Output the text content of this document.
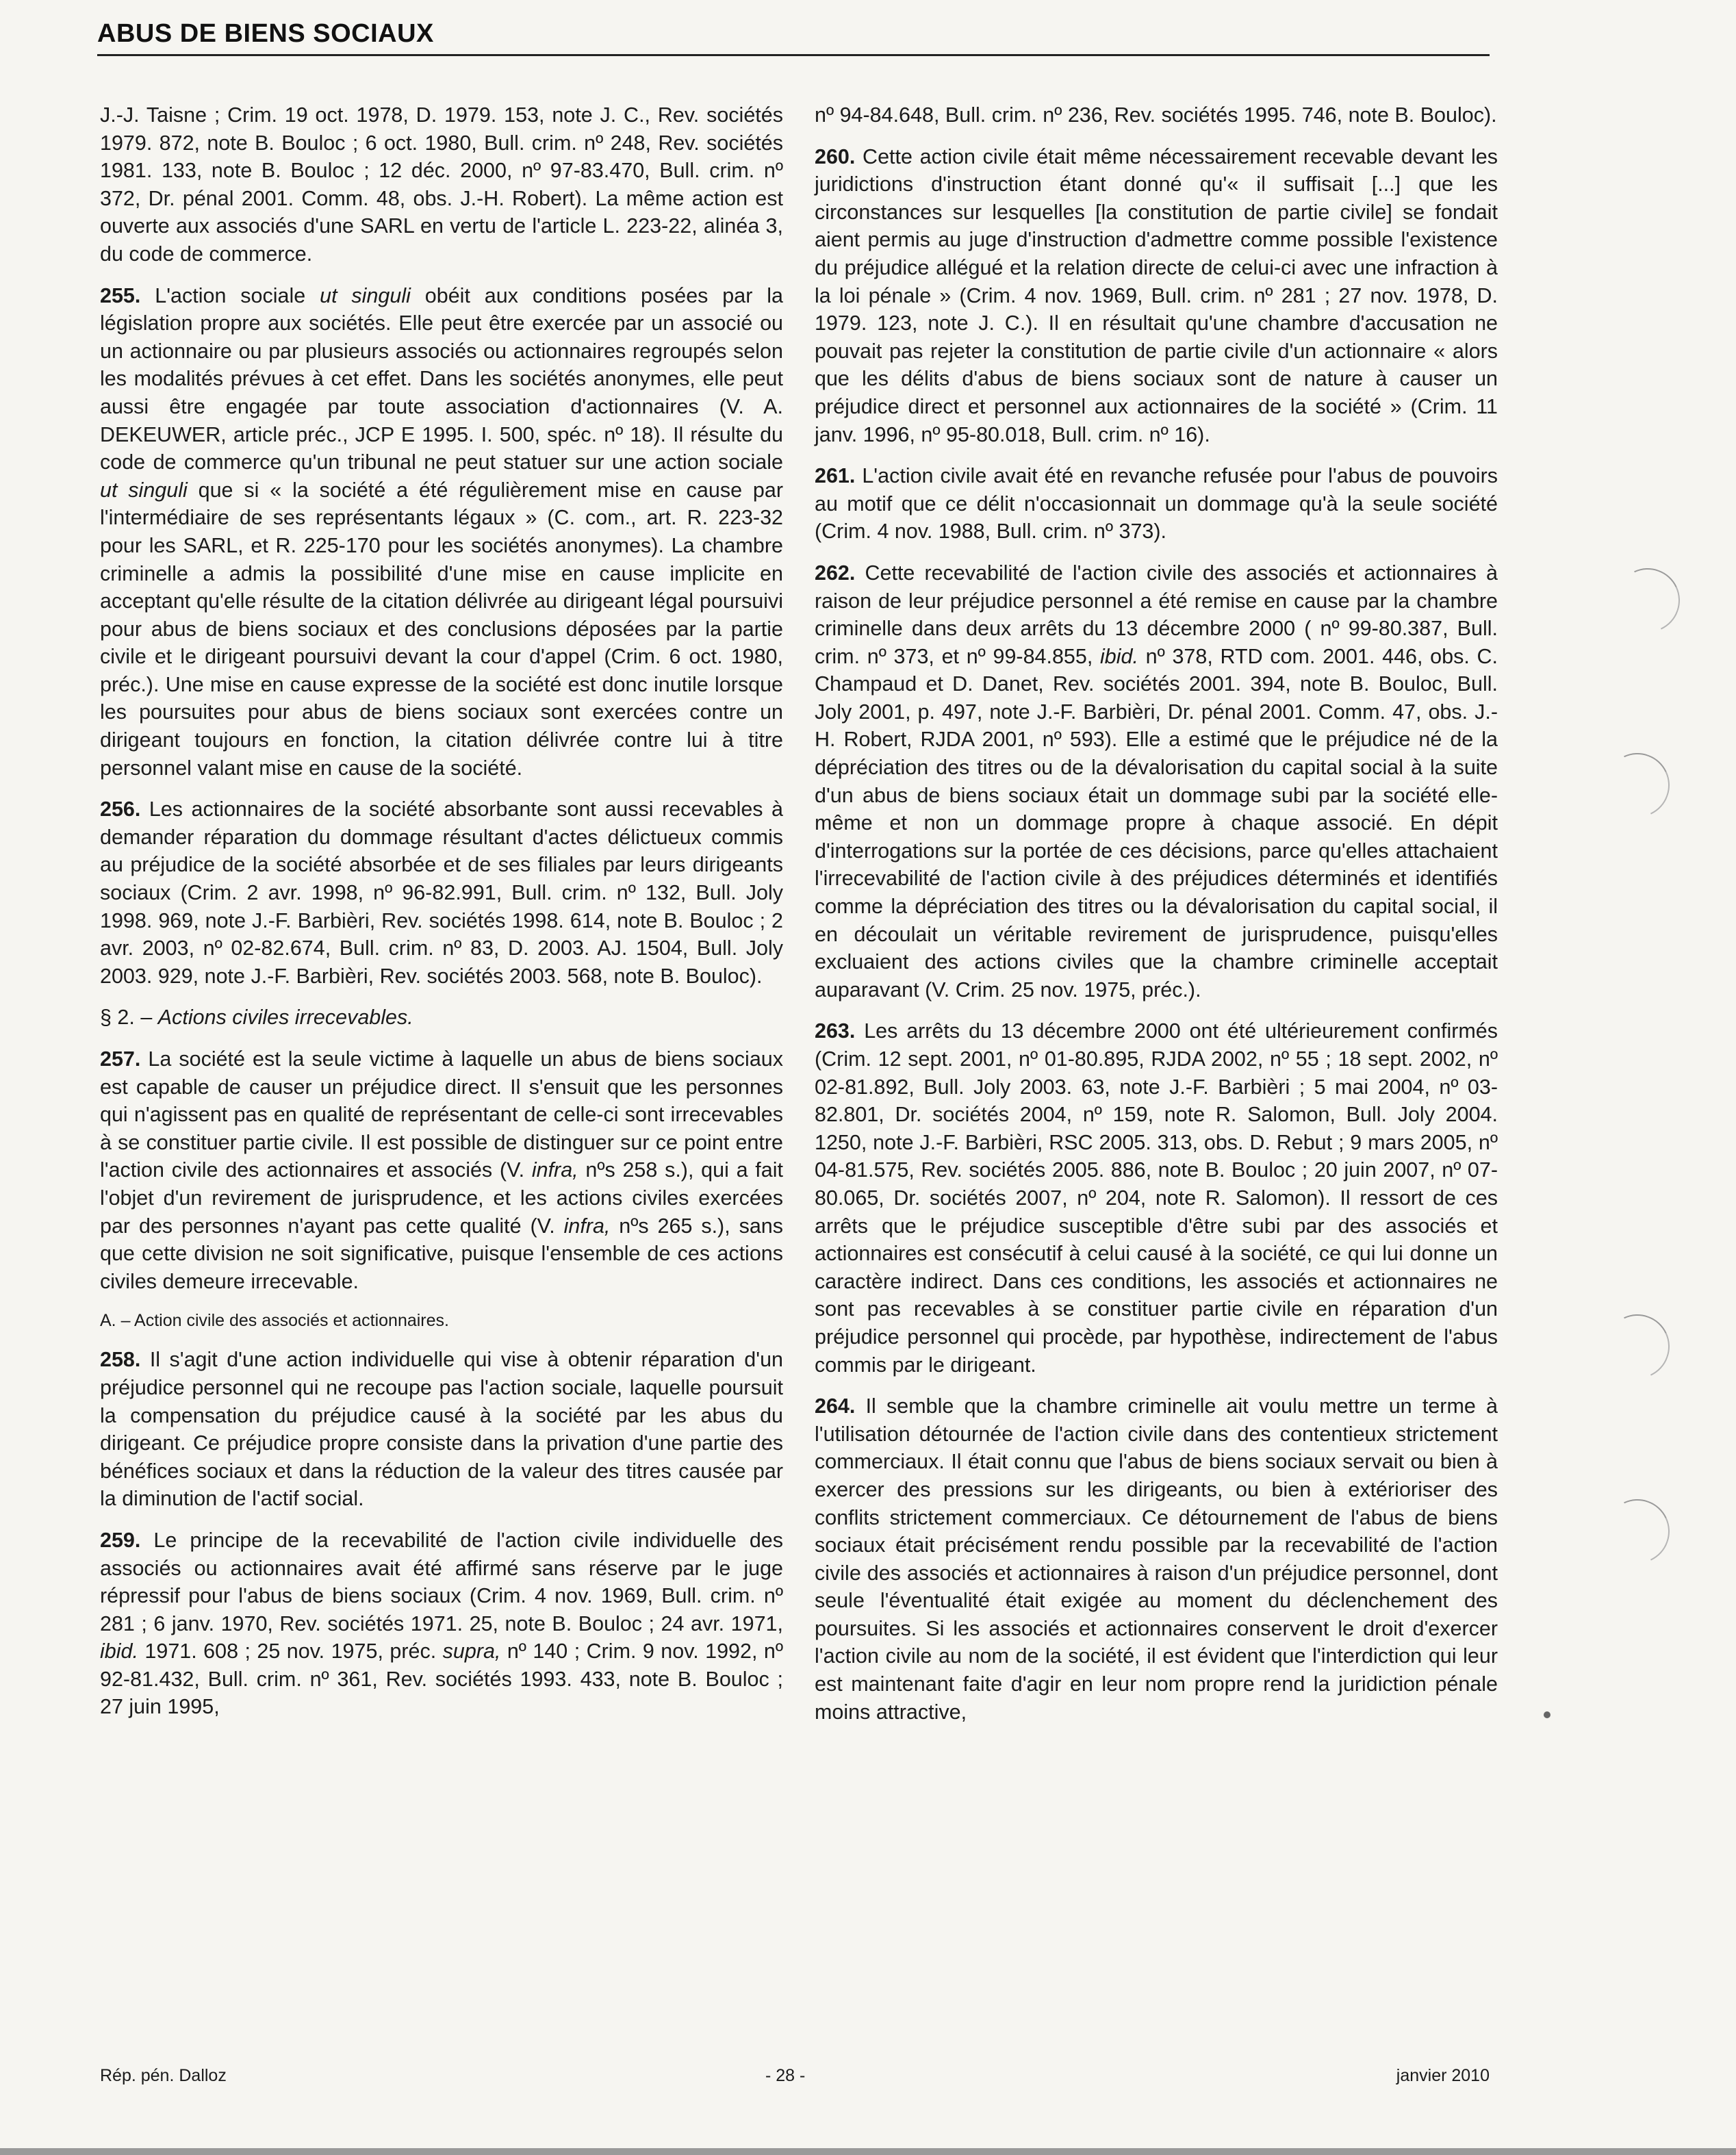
ABUS DE BIENS SOCIAUX

J.-J. Taisne ; Crim. 19 oct. 1978, D. 1979. 153, note J. C., Rev. sociétés 1979. 872, note B. Bouloc ; 6 oct. 1980, Bull. crim. nº 248, Rev. sociétés 1981. 133, note B. Bouloc ; 12 déc. 2000, nº 97-83.470, Bull. crim. nº 372, Dr. pénal 2001. Comm. 48, obs. J.-H. Robert). La même action est ouverte aux associés d'une SARL en vertu de l'article L. 223-22, alinéa 3, du code de commerce.

255. L'action sociale ut singuli obéit aux conditions posées par la législation propre aux sociétés. Elle peut être exercée par un associé ou un actionnaire ou par plusieurs associés ou actionnaires regroupés selon les modalités prévues à cet effet. Dans les sociétés anonymes, elle peut aussi être engagée par toute association d'actionnaires (V. A. DEKEUWER, article préc., JCP E 1995. I. 500, spéc. nº 18). Il résulte du code de commerce qu'un tribunal ne peut statuer sur une action sociale ut singuli que si « la société a été régulièrement mise en cause par l'intermédiaire de ses représentants légaux » (C. com., art. R. 223-32 pour les SARL, et R. 225-170 pour les sociétés anonymes). La chambre criminelle a admis la possibilité d'une mise en cause implicite en acceptant qu'elle résulte de la citation délivrée au dirigeant légal poursuivi pour abus de biens sociaux et des conclusions déposées par la partie civile et le dirigeant poursuivi devant la cour d'appel (Crim. 6 oct. 1980, préc.). Une mise en cause expresse de la société est donc inutile lorsque les poursuites pour abus de biens sociaux sont exercées contre un dirigeant toujours en fonction, la citation délivrée contre lui à titre personnel valant mise en cause de la société.

256. Les actionnaires de la société absorbante sont aussi recevables à demander réparation du dommage résultant d'actes délictueux commis au préjudice de la société absorbée et de ses filiales par leurs dirigeants sociaux (Crim. 2 avr. 1998, nº 96-82.991, Bull. crim. nº 132, Bull. Joly 1998. 969, note J.-F. Barbièri, Rev. sociétés 1998. 614, note B. Bouloc ; 2 avr. 2003, nº 02-82.674, Bull. crim. nº 83, D. 2003. AJ. 1504, Bull. Joly 2003. 929, note J.-F. Barbièri, Rev. sociétés 2003. 568, note B. Bouloc).

§ 2. – Actions civiles irrecevables.

257. La société est la seule victime à laquelle un abus de biens sociaux est capable de causer un préjudice direct. Il s'ensuit que les personnes qui n'agissent pas en qualité de représentant de celle-ci sont irrecevables à se constituer partie civile. Il est possible de distinguer sur ce point entre l'action civile des actionnaires et associés (V. infra, nºs 258 s.), qui a fait l'objet d'un revirement de jurisprudence, et les actions civiles exercées par des personnes n'ayant pas cette qualité (V. infra, nºs 265 s.), sans que cette division ne soit significative, puisque l'ensemble de ces actions civiles demeure irrecevable.

A. – Action civile des associés et actionnaires.

258. Il s'agit d'une action individuelle qui vise à obtenir réparation d'un préjudice personnel qui ne recoupe pas l'action sociale, laquelle poursuit la compensation du préjudice causé à la société par les abus du dirigeant. Ce préjudice propre consiste dans la privation d'une partie des bénéfices sociaux et dans la réduction de la valeur des titres causée par la diminution de l'actif social.

259. Le principe de la recevabilité de l'action civile individuelle des associés ou actionnaires avait été affirmé sans réserve par le juge répressif pour l'abus de biens sociaux (Crim. 4 nov. 1969, Bull. crim. nº 281 ; 6 janv. 1970, Rev. sociétés 1971. 25, note B. Bouloc ; 24 avr. 1971, ibid. 1971. 608 ; 25 nov. 1975, préc. supra, nº 140 ; Crim. 9 nov. 1992, nº 92-81.432, Bull. crim. nº 361, Rev. sociétés 1993. 433, note B. Bouloc ; 27 juin 1995,

nº 94-84.648, Bull. crim. nº 236, Rev. sociétés 1995. 746, note B. Bouloc).

260. Cette action civile était même nécessairement recevable devant les juridictions d'instruction étant donné qu'« il suffisait [...] que les circonstances sur lesquelles [la constitution de partie civile] se fondait aient permis au juge d'instruction d'admettre comme possible l'existence du préjudice allégué et la relation directe de celui-ci avec une infraction à la loi pénale » (Crim. 4 nov. 1969, Bull. crim. nº 281 ; 27 nov. 1978, D. 1979. 123, note J. C.). Il en résultait qu'une chambre d'accusation ne pouvait pas rejeter la constitution de partie civile d'un actionnaire « alors que les délits d'abus de biens sociaux sont de nature à causer un préjudice direct et personnel aux actionnaires de la société » (Crim. 11 janv. 1996, nº 95-80.018, Bull. crim. nº 16).

261. L'action civile avait été en revanche refusée pour l'abus de pouvoirs au motif que ce délit n'occasionnait un dommage qu'à la seule société (Crim. 4 nov. 1988, Bull. crim. nº 373).

262. Cette recevabilité de l'action civile des associés et actionnaires à raison de leur préjudice personnel a été remise en cause par la chambre criminelle dans deux arrêts du 13 décembre 2000 ( nº 99-80.387, Bull. crim. nº 373, et nº 99-84.855, ibid. nº 378, RTD com. 2001. 446, obs. C. Champaud et D. Danet, Rev. sociétés 2001. 394, note B. Bouloc, Bull. Joly 2001, p. 497, note J.-F. Barbièri, Dr. pénal 2001. Comm. 47, obs. J.-H. Robert, RJDA 2001, nº 593). Elle a estimé que le préjudice né de la dépréciation des titres ou de la dévalorisation du capital social à la suite d'un abus de biens sociaux était un dommage subi par la société elle-même et non un dommage propre à chaque associé. En dépit d'interrogations sur la portée de ces décisions, parce qu'elles attachaient l'irrecevabilité de l'action civile à des préjudices déterminés et identifiés comme la dépréciation des titres ou la dévalorisation du capital social, il en découlait un véritable revirement de jurisprudence, puisqu'elles excluaient des actions civiles que la chambre criminelle acceptait auparavant (V. Crim. 25 nov. 1975, préc.).

263. Les arrêts du 13 décembre 2000 ont été ultérieurement confirmés (Crim. 12 sept. 2001, nº 01-80.895, RJDA 2002, nº 55 ; 18 sept. 2002, nº 02-81.892, Bull. Joly 2003. 63, note J.-F. Barbièri ; 5 mai 2004, nº 03-82.801, Dr. sociétés 2004, nº 159, note R. Salomon, Bull. Joly 2004. 1250, note J.-F. Barbièri, RSC 2005. 313, obs. D. Rebut ; 9 mars 2005, nº 04-81.575, Rev. sociétés 2005. 886, note B. Bouloc ; 20 juin 2007, nº 07-80.065, Dr. sociétés 2007, nº 204, note R. Salomon). Il ressort de ces arrêts que le préjudice susceptible d'être subi par des associés et actionnaires est consécutif à celui causé à la société, ce qui lui donne un caractère indirect. Dans ces conditions, les associés et actionnaires ne sont pas recevables à se constituer partie civile en réparation d'un préjudice personnel qui procède, par hypothèse, indirectement de l'abus commis par le dirigeant.

264. Il semble que la chambre criminelle ait voulu mettre un terme à l'utilisation détournée de l'action civile dans des contentieux strictement commerciaux. Il était connu que l'abus de biens sociaux servait ou bien à exercer des pressions sur les dirigeants, ou bien à extérioriser des conflits strictement commerciaux. Ce détournement de l'abus de biens sociaux était précisément rendu possible par la recevabilité de l'action civile des associés et actionnaires à raison d'un préjudice personnel, dont seule l'éventualité était exigée au moment du déclenchement des poursuites. Si les associés et actionnaires conservent le droit d'exercer l'action civile au nom de la société, il est évident que l'interdiction qui leur est maintenant faite d'agir en leur nom propre rend la juridiction pénale moins attractive,

Rép. pén. Dalloz	- 28 -	janvier 2010
